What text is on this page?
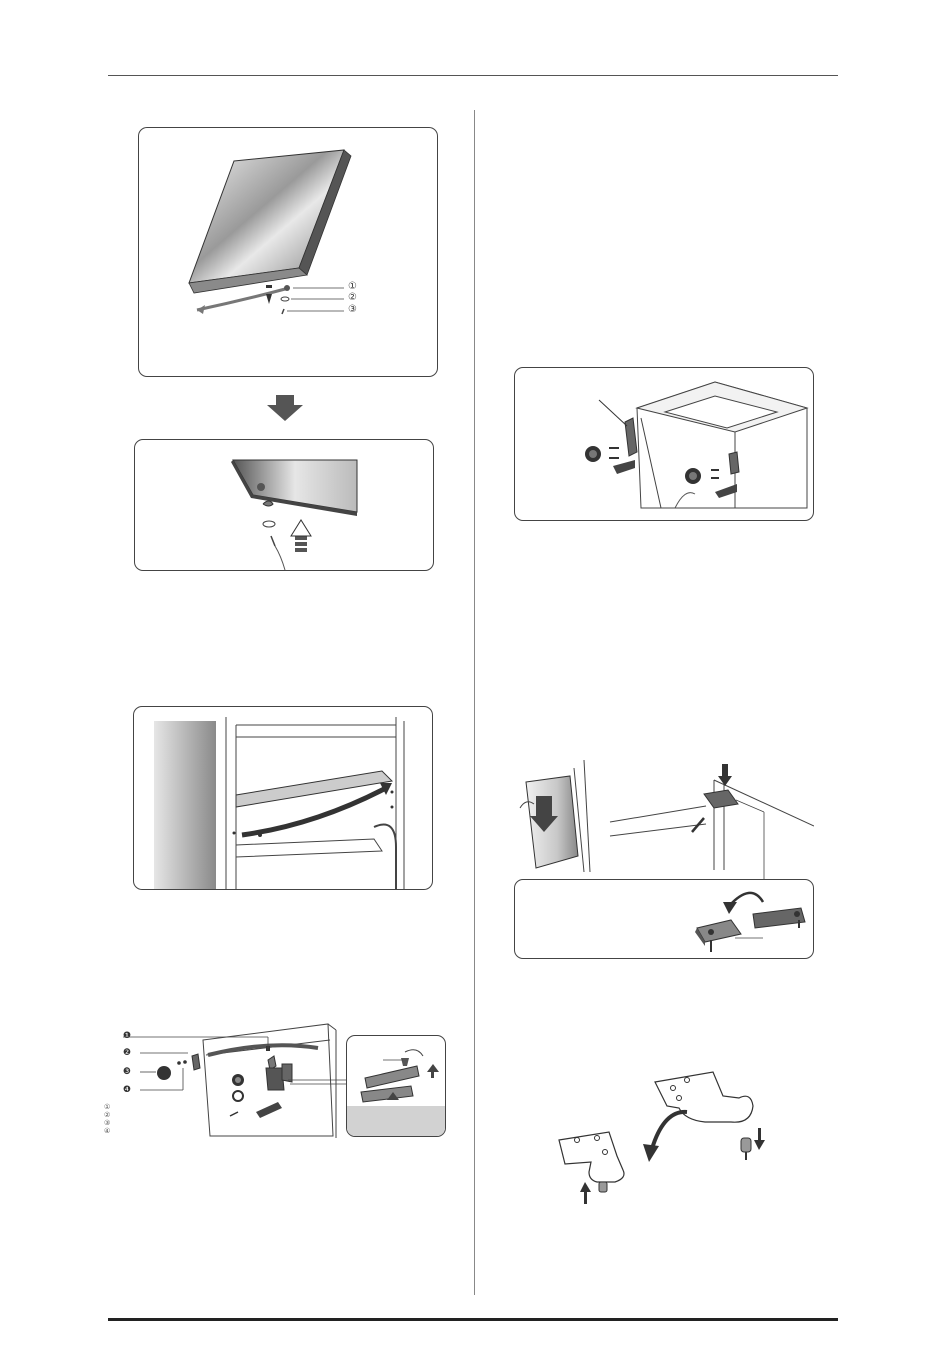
①
②
③
❶
❷
❸
❹
①
②
③
④
